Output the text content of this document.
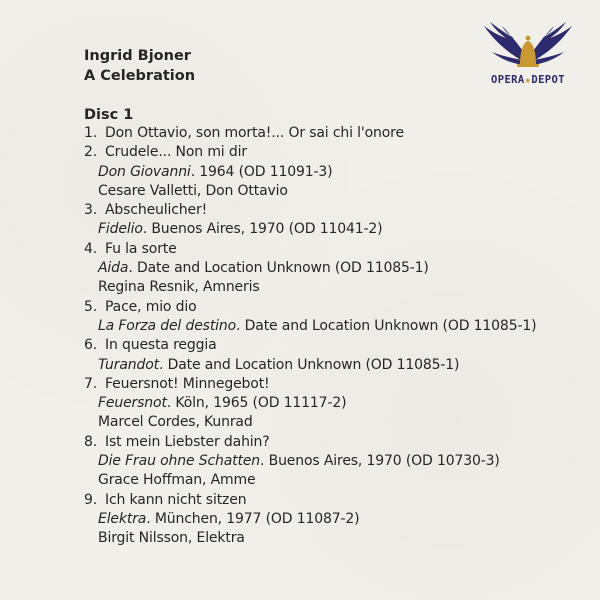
Ingrid Bjoner
A Celebration	OPERA★DEPOT
Disc 1
1. Don Ottavio, son morta!... Or sai chi l'onore
2. Crudele... Non mi dir
Don Giovanni. 1964 (OD 11091-3)
Cesare Valletti, Don Ottavio
3. Abscheulicher!
Fidelio. Buenos Aires, 1970 (OD 11041-2)
4. Fu la sorte
Aida. Date and Location Unknown (OD 11085-1)
Regina Resnik, Amneris
5. Pace, mio dio
La Forza del destino. Date and Location Unknown (OD 11085-1)
6. In questa reggia
Turandot. Date and Location Unknown (OD 11085-1)
7. Feuersnot! Minnegebot!
Feuersnot. Köln, 1965 (OD 11117-2)
Marcel Cordes, Kunrad
8. Ist mein Liebster dahin?
Die Frau ohne Schatten. Buenos Aires, 1970 (OD 10730-3)
Grace Hoffman, Amme
9. Ich kann nicht sitzen
Elektra. München, 1977 (OD 11087-2)
Birgit Nilsson, Elektra
